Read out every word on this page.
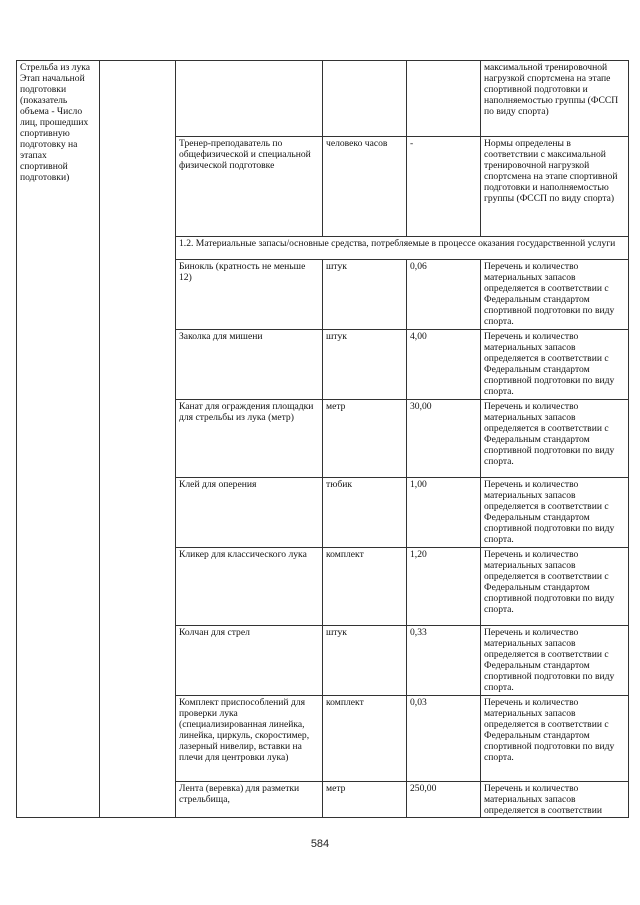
Стрельба из лука Этап начальной подготовки (показатель объема - Число лиц, прошедших спортивную подготовку на этапах спортивной подготовки)					максимальной тренировочной нагрузкой спортсмена на этапе спортивной подготовки и наполняемостью группы (ФССП по виду спорта)
		Тренер-преподаватель по общефизической и специальной физической подготовке	человеко часов	-	Нормы определены в соответствии с максимальной тренировочной нагрузкой спортсмена на этапе спортивной подготовки и наполняемостью группы (ФССП по виду спорта)
		1.2. Материальные запасы/основные средства, потребляемые в процессе оказания государственной услуги			
		Бинокль (кратность не меньше 12)	штук	0,06	Перечень и количество материальных запасов определяется в соответствии с Федеральным стандартом спортивной подготовки по виду спорта.
		Заколка для мишени	штук	4,00	Перечень и количество материальных запасов определяется в соответствии с Федеральным стандартом спортивной подготовки по виду спорта.
		Канат для ограждения площадки для стрельбы из лука (метр)	метр	30,00	Перечень и количество материальных запасов определяется в соответствии с Федеральным стандартом спортивной подготовки по виду спорта.
		Клей для оперения	тюбик	1,00	Перечень и количество материальных запасов определяется в соответствии с Федеральным стандартом спортивной подготовки по виду спорта.
		Кликер для классического лука	комплект	1,20	Перечень и количество материальных запасов определяется в соответствии с Федеральным стандартом спортивной подготовки по виду спорта.
		Колчан для стрел	штук	0,33	Перечень и количество материальных запасов определяется в соответствии с Федеральным стандартом спортивной подготовки по виду спорта.
		Комплект приспособлений для проверки лука (специализированная линейка, линейка, циркуль, скоростимер, лазерный нивелир, вставки на плечи для центровки лука)	комплект	0,03	Перечень и количество материальных запасов определяется в соответствии с Федеральным стандартом спортивной подготовки по виду спорта.
		Лента (веревка) для разметки стрельбища,	метр	250,00	Перечень и количество материальных запасов определяется в соответствии
584
